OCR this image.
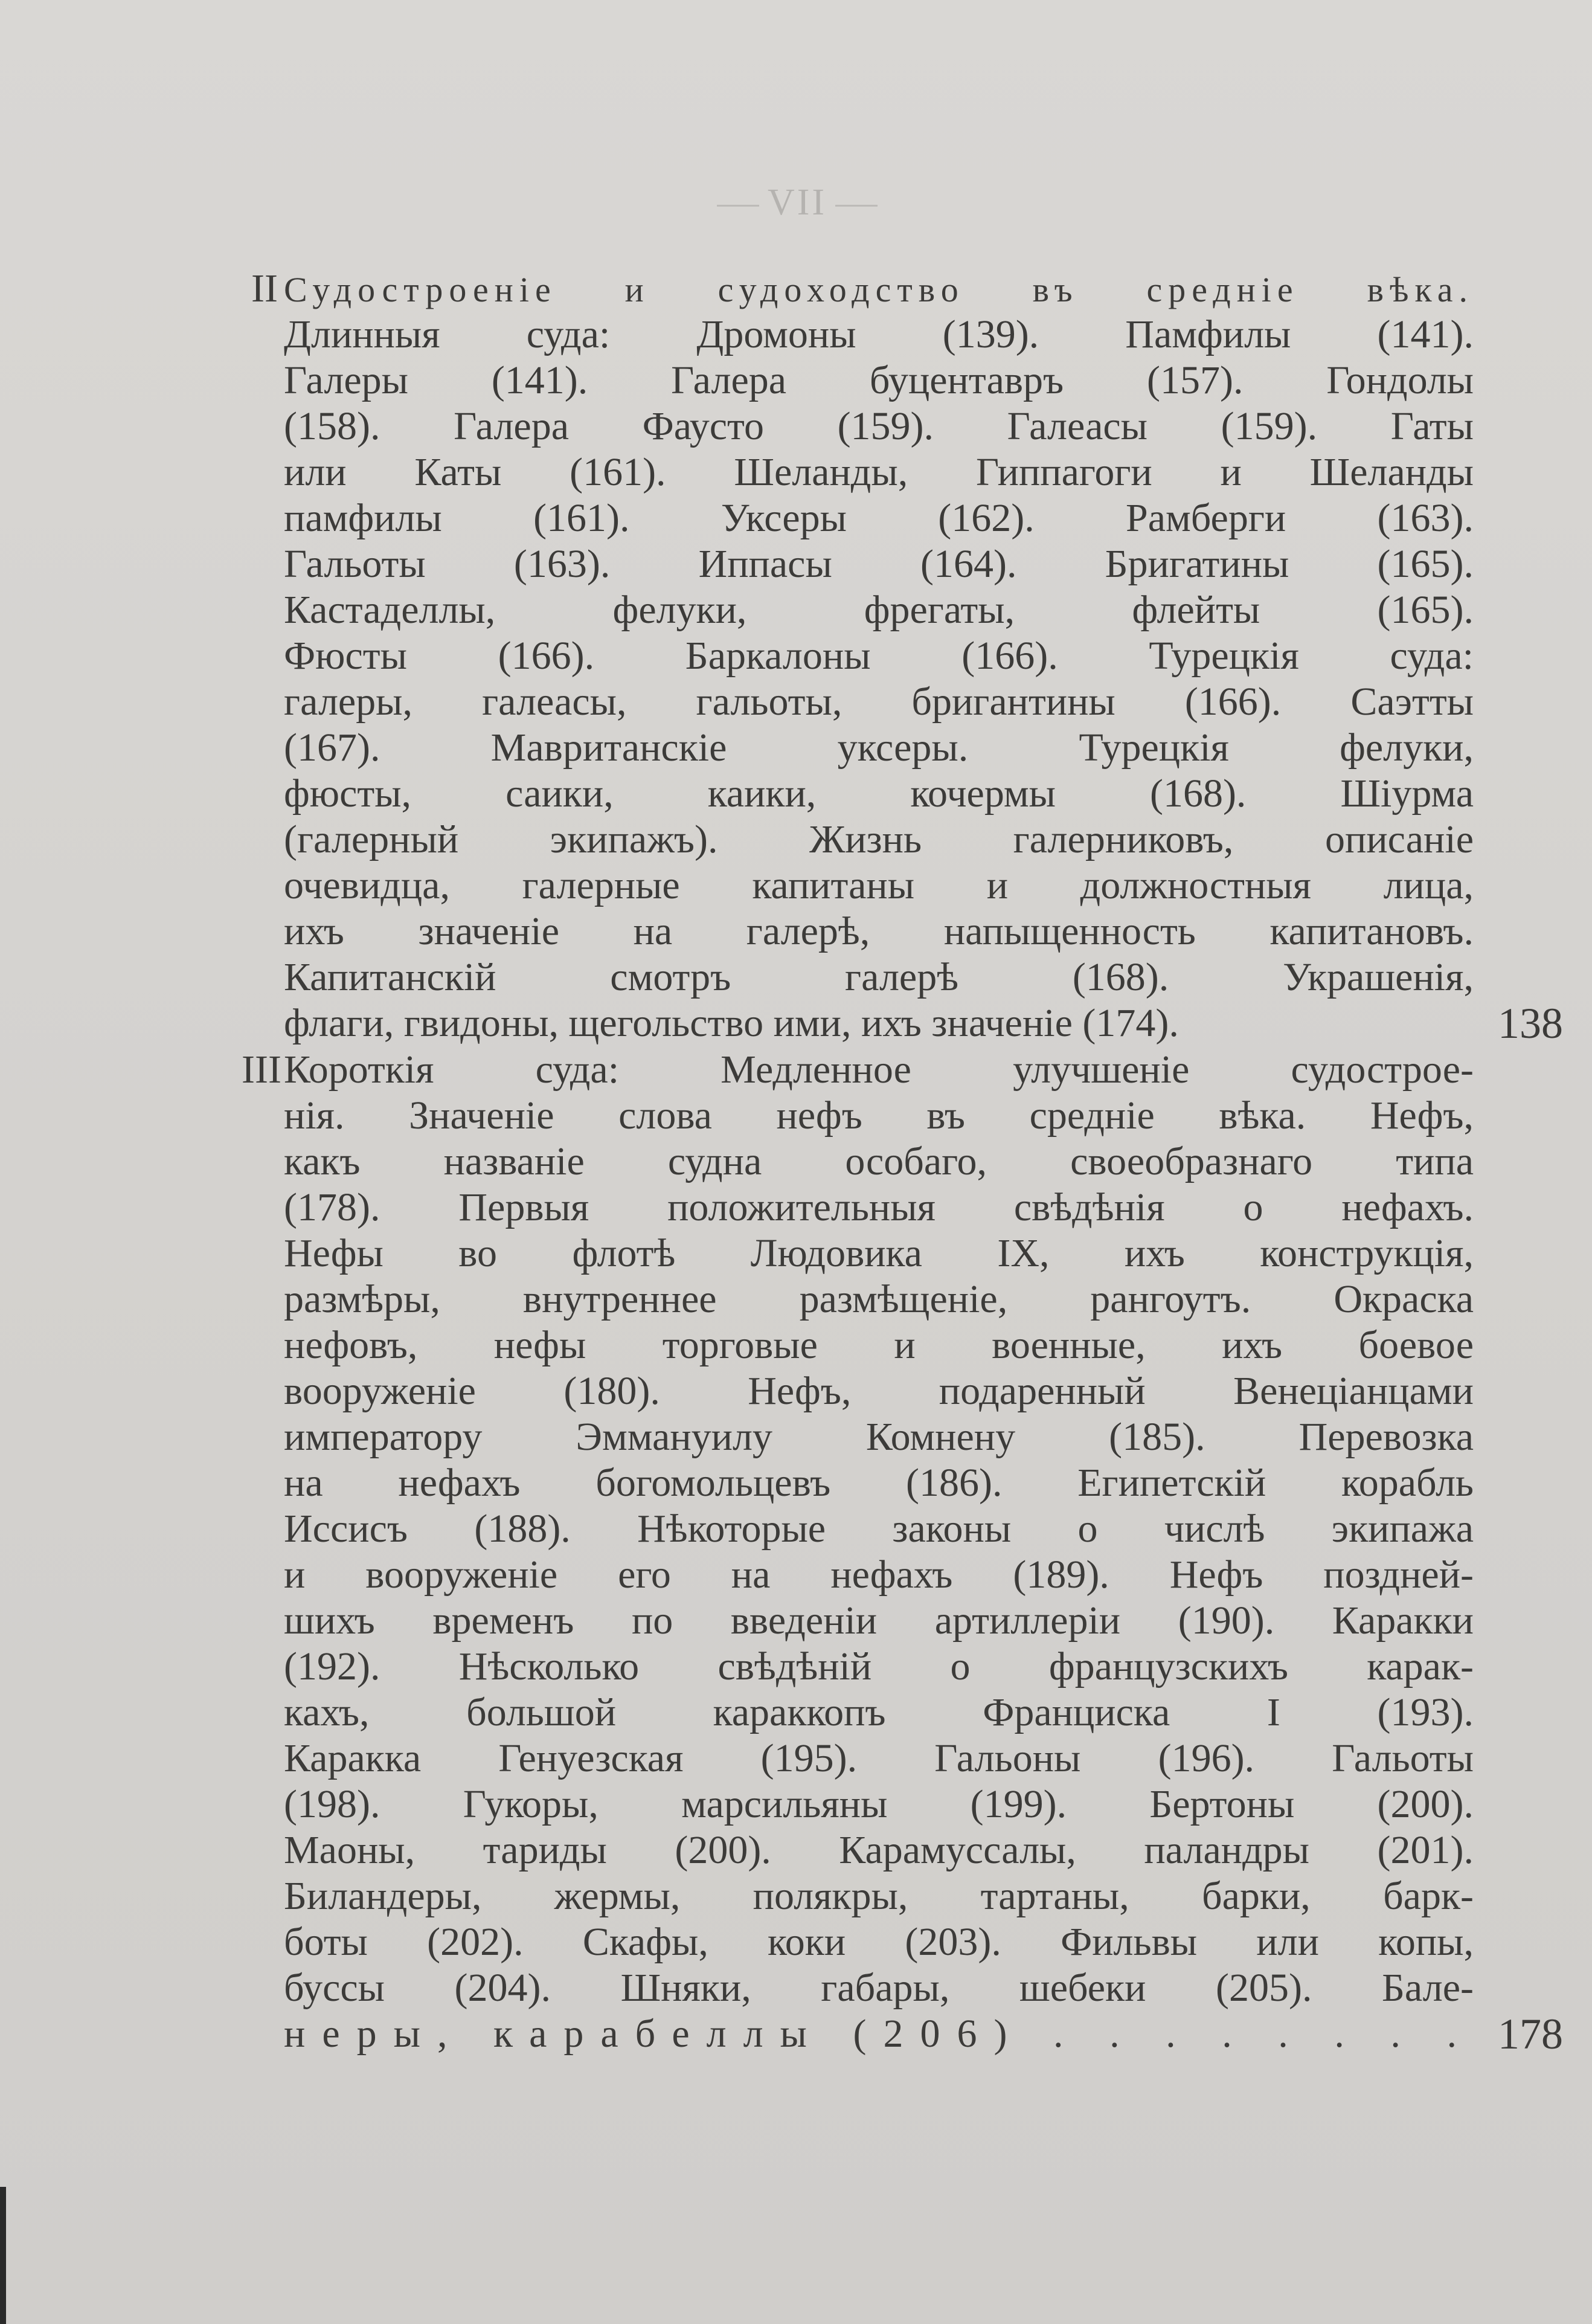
VII
II Судостроенiе и судоходство въ средніе вѣка.
Длинныя суда: Дромоны (139). Памфилы (141).
Галеры (141). Галера буцентавръ (157). Гондолы
(158). Галера Фаусто (159). Галеасы (159). Гаты
или Каты (161). Шеланды, Гиппагоги и Шеланды
памфилы (161). Уксеры (162). Рамберги (163).
Гальоты (163). Иппасы (164). Бригатины (165).
Кастаделлы, фелуки, фрегаты, флейты (165).
Фюсты (166). Баркалоны (166). Турецкія суда:
галеры, галеасы, гальоты, бригантины (166). Саэтты
(167). Мавританскіе уксеры. Турецкія фелуки,
фюсты, саики, каики, кочермы (168). Шіурма
(галерный экипажъ). Жизнь галерниковъ, описаніе
очевидца, галерные капитаны и должностныя лица,
ихъ значеніе на галерѣ, напыщенность капитановъ.
Капитанскій смотръ галерѣ (168). Украшенія,
флаги, гвидоны, щегольство ими, ихъ значеніе (174).	138
III Короткія суда: Медленное улучшеніе судострое-
нія. Значеніе слова нефъ въ средніе вѣка. Нефъ,
какъ названіе судна особаго, своеобразнаго типа
(178). Первыя положительныя свѣдѣнія о нефахъ.
Нефы во флотѣ Людовика IX, ихъ конструкція,
размѣры, внутреннее размѣщеніе, рангоутъ. Окраска
нефовъ, нефы торговые и военные, ихъ боевое
вооруженіе (180). Нефъ, подаренный Венеціанцами
императору Эммануилу Комнену (185). Перевозка
на нефахъ богомольцевъ (186). Египетскій корабль
Иссисъ (188). Нѣкоторые законы о числѣ экипажа
и вооруженіе его на нефахъ (189). Нефъ поздней-
шихъ временъ по введеніи артиллеріи (190). Каракки
(192). Нѣсколько свѣдѣній о французскихъ карак-
кахъ, большой караккопъ Франциска I (193).
Каракка Генуезская (195). Гальоны (196). Гальоты
(198). Гукоры, марсильяны (199). Бертоны (200).
Маоны, тариды (200). Карамуссалы, паландры (201).
Биландеры, жермы, полякры, тартаны, барки, барк-
боты (202). Скафы, коки (203). Фильвы или копы,
буссы (204). Шняки, габары, шебеки (205). Бале-
неры, карабеллы (206) . . . . . . . . 178
